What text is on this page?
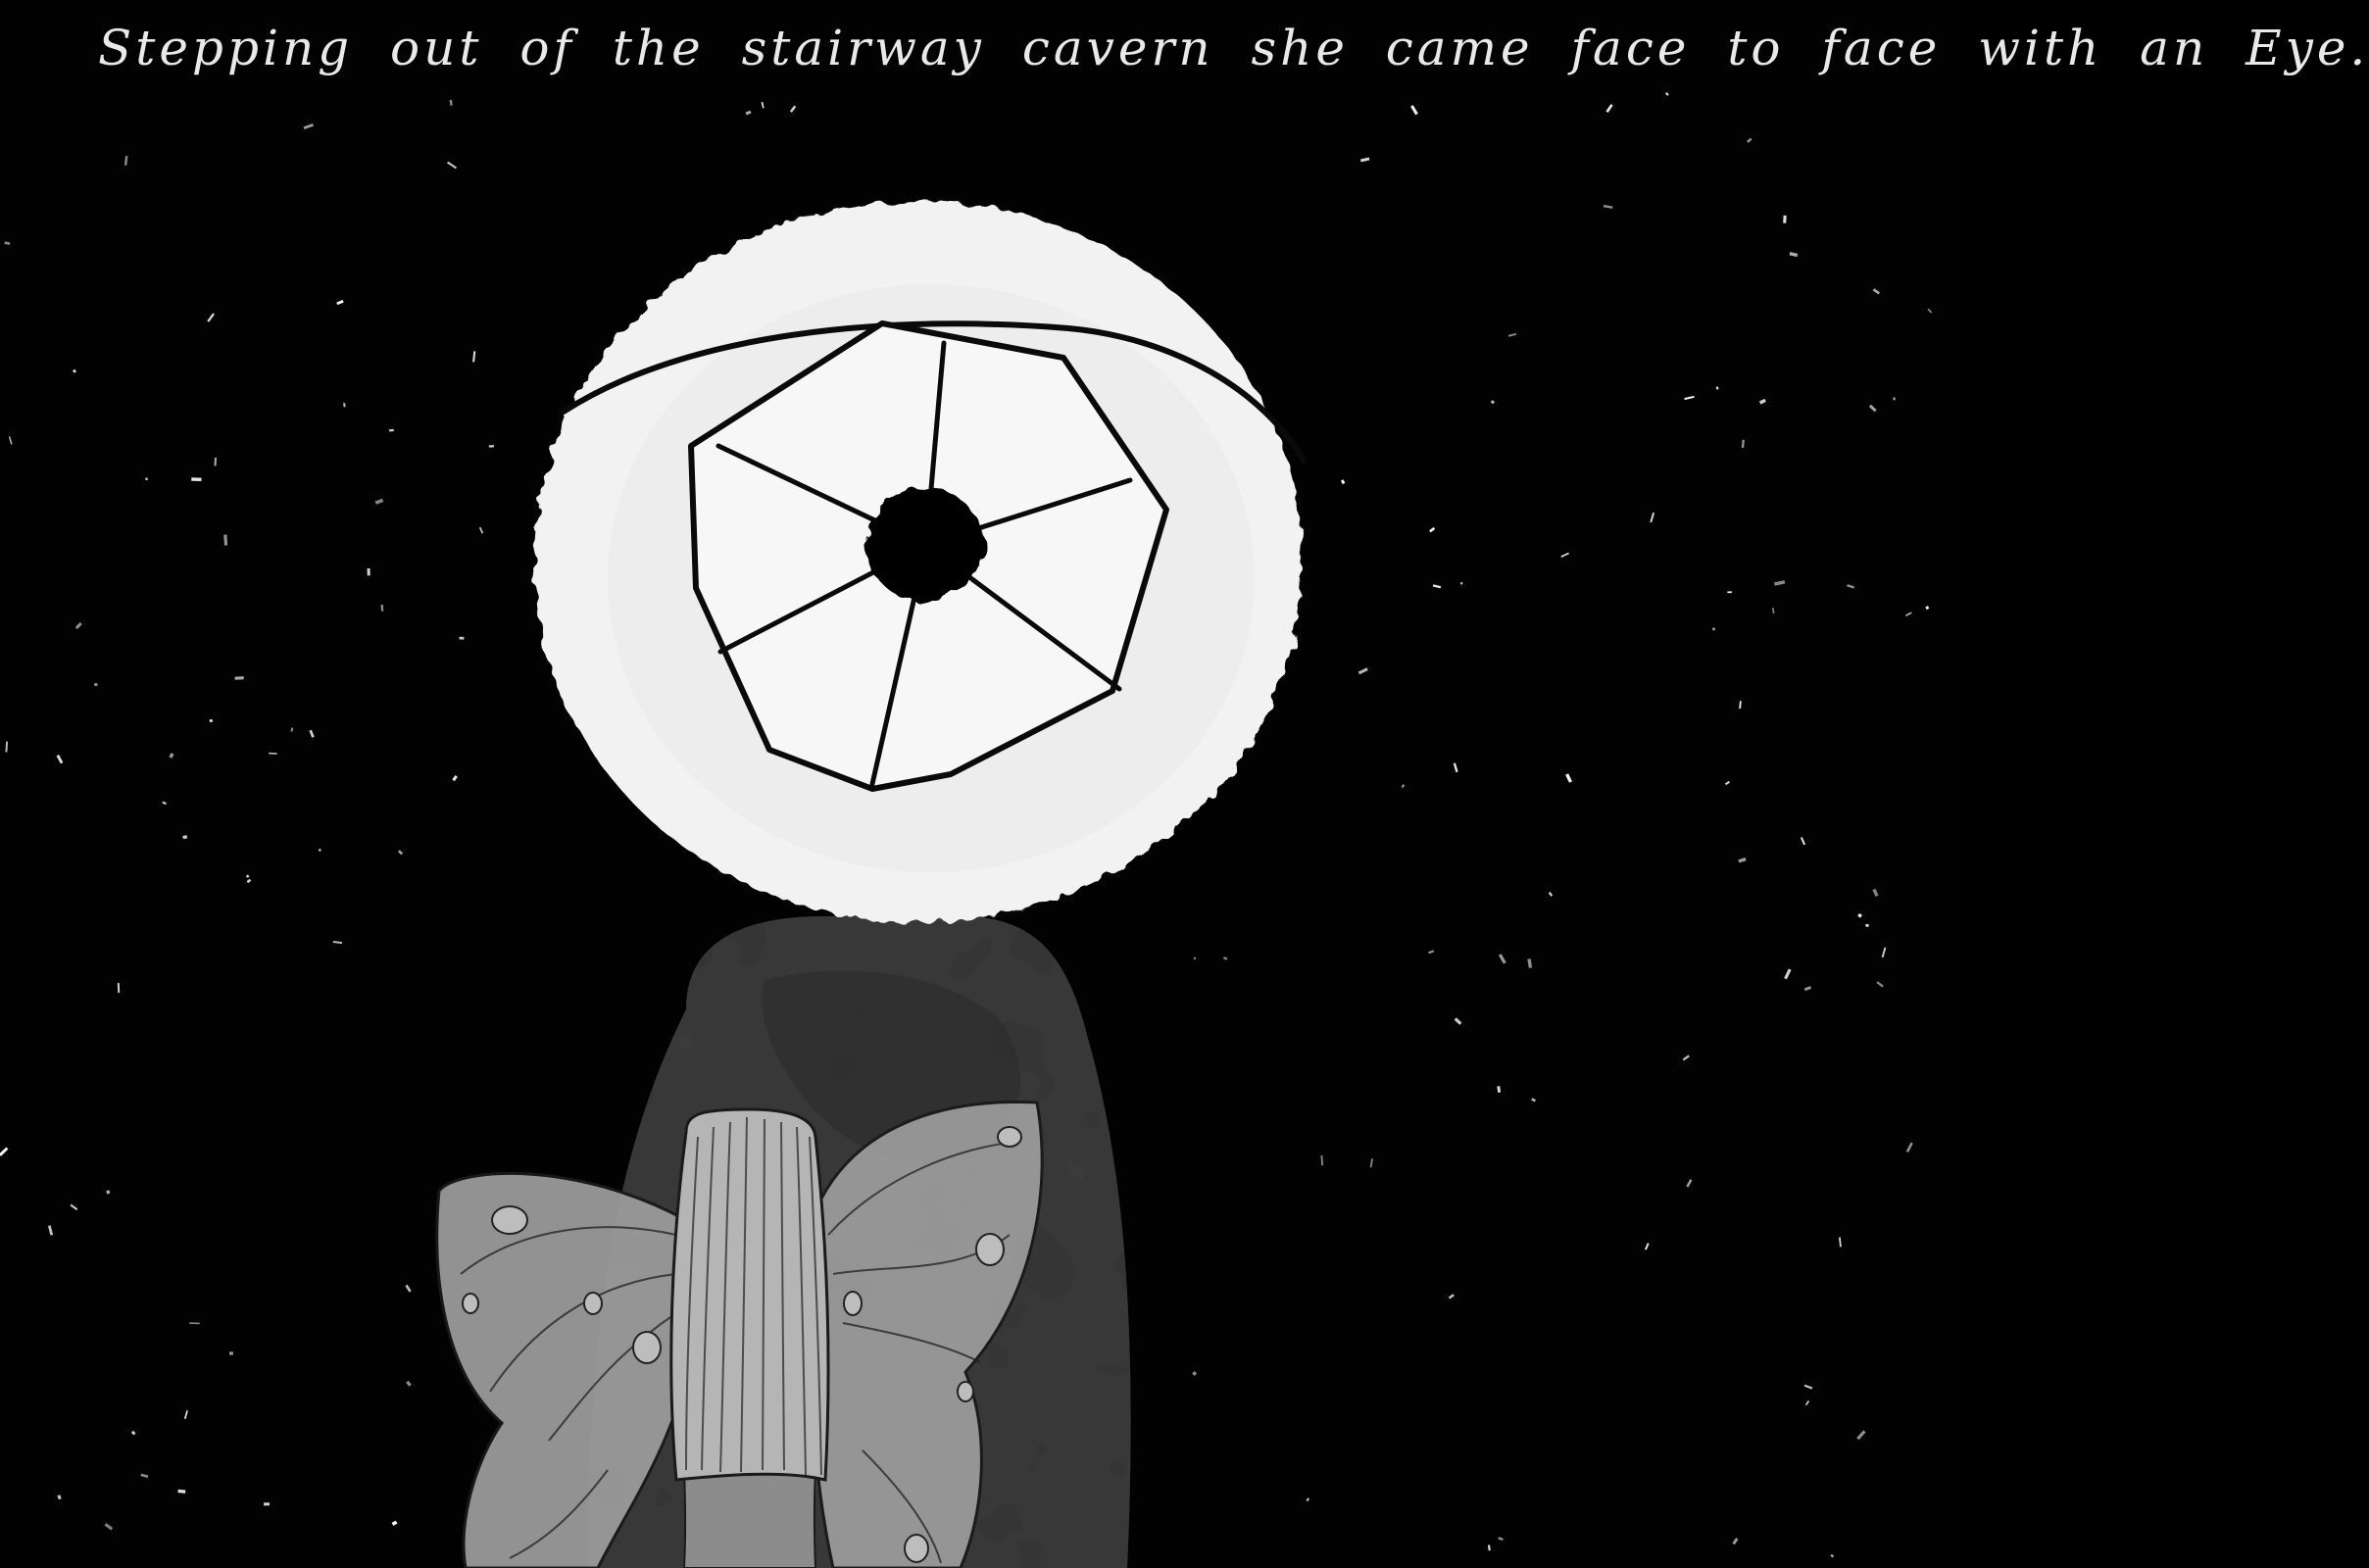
Stepping out of the stairway cavern she came face to face with an Eye.
